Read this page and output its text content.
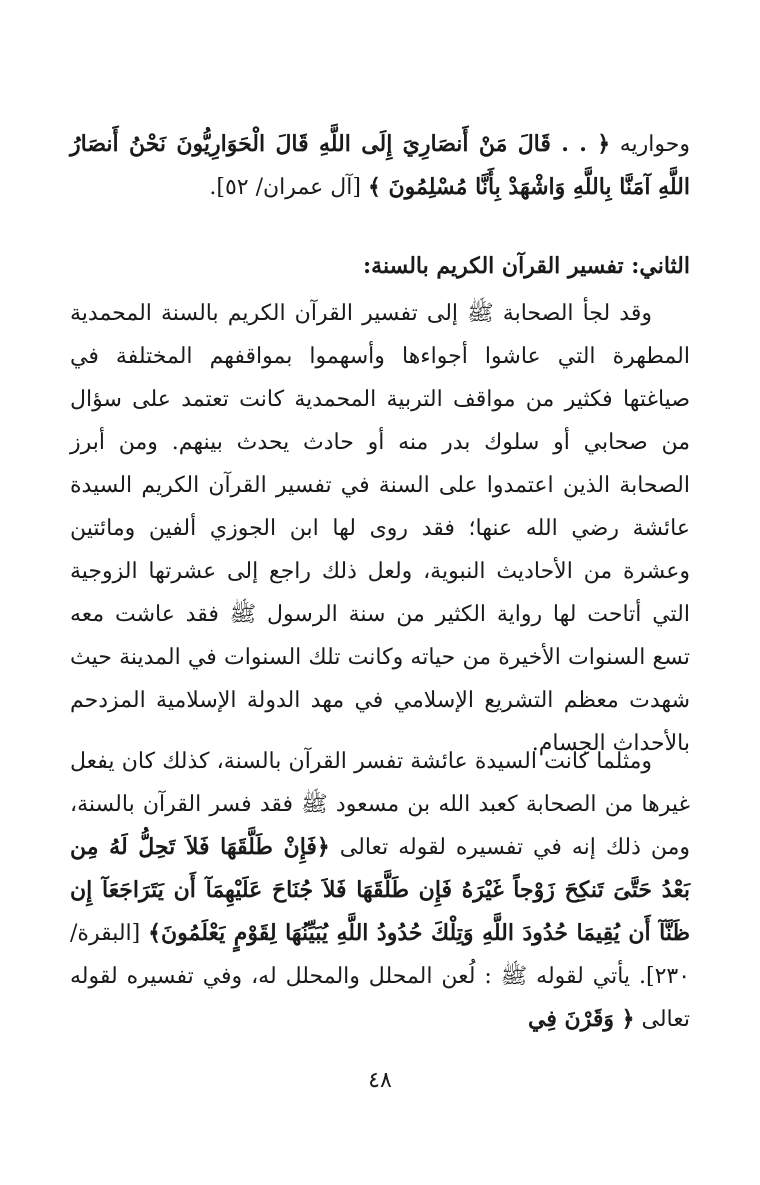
وحواريه ﴿ . . قَالَ مَنْ أَنصَارِيَ إِلَى اللَّهِ قَالَ الْحَوَارِيُّونَ نَحْنُ أَنصَارُ اللَّهِ آمَنَّا بِاللَّهِ وَاشْهَدْ بِأَنَّا مُسْلِمُونَ ﴾ [آل عمران/ ٥٢].
الثاني: تفسير القرآن الكريم بالسنة:
وقد لجأ الصحابة ﷺ إلى تفسير القرآن الكريم بالسنة المحمدية المطهرة التي عاشوا أجواءها وأسهموا بمواقفهم المختلفة في صياغتها فكثير من مواقف التربية المحمدية كانت تعتمد على سؤال من صحابي أو سلوك بدر منه أو حادث يحدث بينهم. ومن أبرز الصحابة الذين اعتمدوا على السنة في تفسير القرآن الكريم السيدة عائشة رضي الله عنها؛ فقد روى لها ابن الجوزي ألفين ومائتين وعشرة من الأحاديث النبوية، ولعل ذلك راجع إلى عشرتها الزوجية التي أتاحت لها رواية الكثير من سنة الرسول ﷺ فقد عاشت معه تسع السنوات الأخيرة من حياته وكانت تلك السنوات في المدينة حيث شهدت معظم التشريع الإسلامي في مهد الدولة الإسلامية المزدحم بالأحداث الجسام.
ومثلما كانت السيدة عائشة تفسر القرآن بالسنة، كذلك كان يفعل غيرها من الصحابة كعبد الله بن مسعود ﷺ فقد فسر القرآن بالسنة، ومن ذلك إنه في تفسيره لقوله تعالى ﴿فَإِنْ طَلَّقَهَا فَلاَ تَحِلُّ لَهُ مِن بَعْدُ حَتَّىَ تَنكِحَ زَوْجاً غَيْرَهُ فَإِن طَلَّقَهَا فَلاَ جُنَاحَ عَلَيْهِمَآ أَن يَتَرَاجَعَآ إِن ظَنَّآ أَن يُقِيمَا حُدُودَ اللَّهِ وَتِلْكَ حُدُودُ اللَّهِ يُبَيِّنُهَا لِقَوْمٍ يَعْلَمُونَ﴾ [البقرة/ ٢٣٠]. يأتي لقوله ﷺ : لُعن المحلل والمحلل له، وفي تفسيره لقوله تعالى ﴿ وَقَرْنَ فِي
٤٨
